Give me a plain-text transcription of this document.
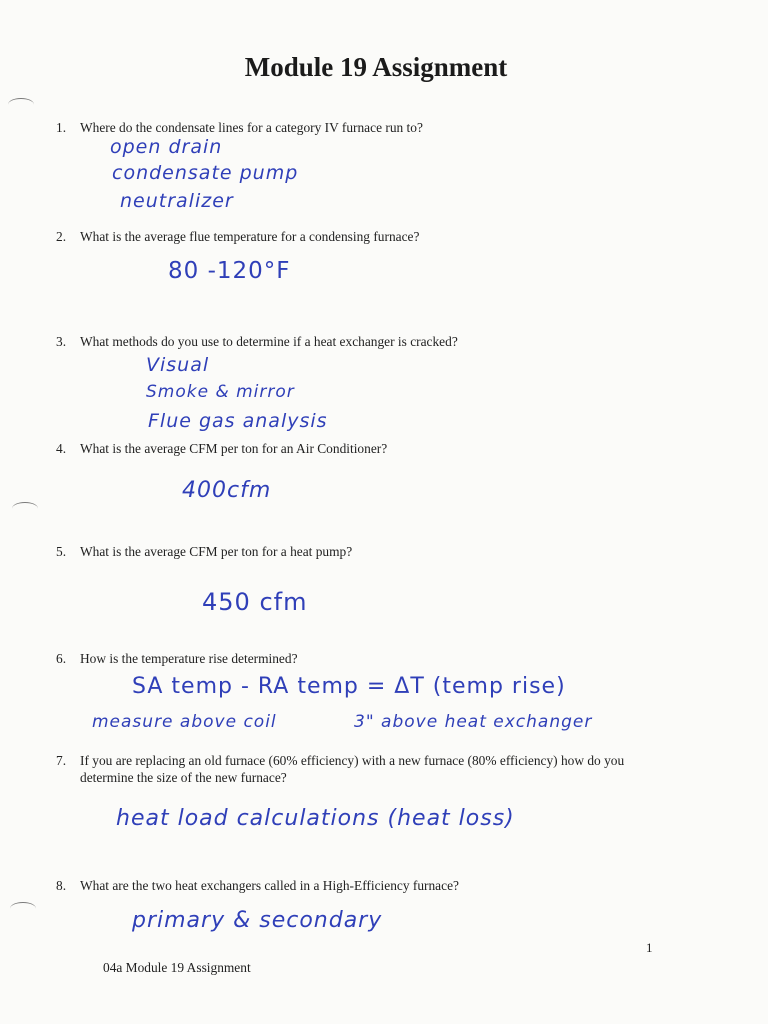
Module 19 Assignment
1.	Where do the condensate lines for a category IV furnace run to?
open drain
condensate pump
neutralizer
2.	What is the average flue temperature for a condensing furnace?
80 -120°F
3.	What methods do you use to determine if a heat exchanger is cracked?
Visual
Smoke & mirror
Flue gas analysis
4.	What is the average CFM per ton for an Air Conditioner?
400cfm
5.	What is the average CFM per ton for a heat pump?
450 cfm
6.	How is the temperature rise determined?
SA temp - RA temp = ΔT (temp rise)
measure above coil	3" above heat exchanger
7.	If you are replacing an old furnace (60% efficiency) with a new furnace (80% efficiency) how do you determine the size of the new furnace?
heat load calculations (heat loss)
8.	What are the two heat exchangers called in a High-Efficiency furnace?
primary & secondary
1
04a Module 19 Assignment
